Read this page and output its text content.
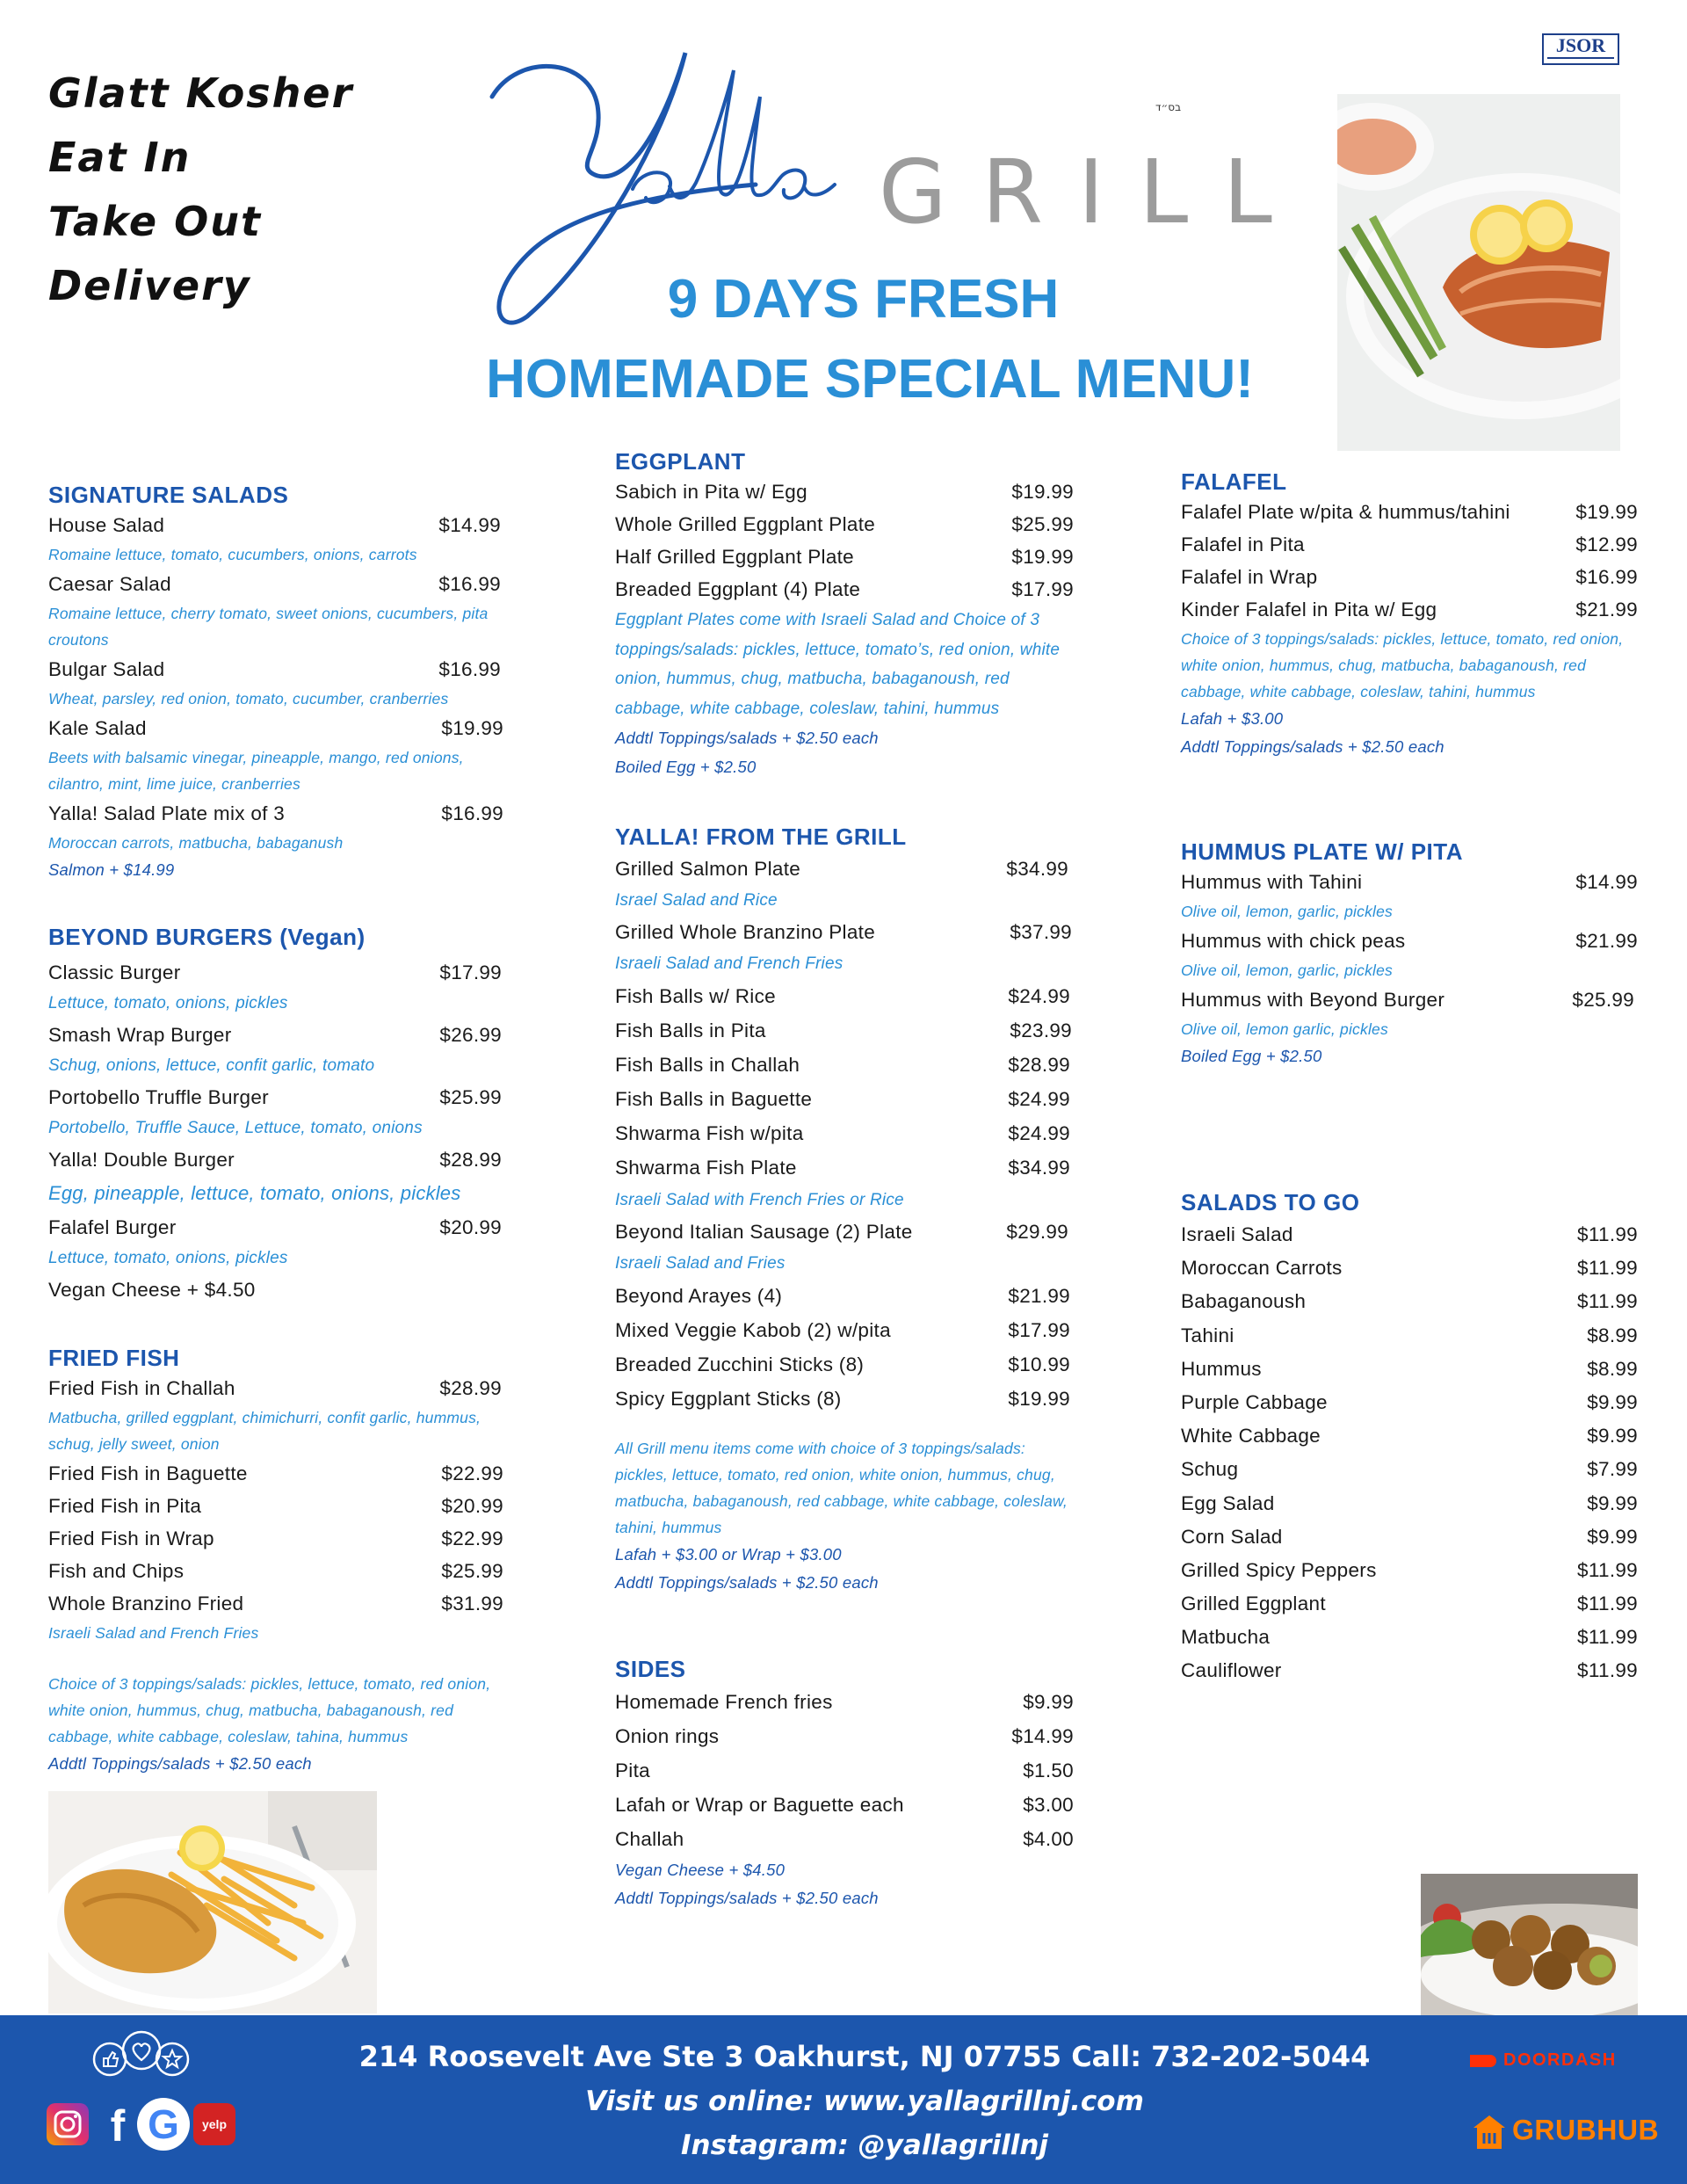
Glatt Kosher
Eat In
Take Out
Delivery
Yalla
GRILL
בס״ד
9 DAYS FRESH
HOMEMADE SPECIAL MENU!
JSOR
SIGNATURE SALADS
House Salad	$14.99
Romaine lettuce, tomato, cucumbers, onions, carrots
Caesar Salad	$16.99
Romaine lettuce, cherry tomato, sweet onions, cucumbers, pita croutons
Bulgar Salad	$16.99
Wheat, parsley, red onion, tomato, cucumber, cranberries
Kale Salad	$19.99
Beets with balsamic vinegar, pineapple, mango, red onions, cilantro, mint, lime juice, cranberries
Yalla! Salad Plate mix of 3	$16.99
Moroccan carrots, matbucha, babaganush
Salmon + $14.99
BEYOND BURGERS (Vegan)
Classic Burger	$17.99
Lettuce, tomato, onions, pickles
Smash Wrap Burger	$26.99
Schug, onions, lettuce, confit garlic, tomato
Portobello Truffle Burger	$25.99
Portobello, Truffle Sauce, Lettuce, tomato, onions
Yalla! Double Burger	$28.99
Egg, pineapple, lettuce, tomato, onions, pickles
Falafel Burger	$20.99
Lettuce, tomato, onions, pickles
Vegan Cheese + $4.50
FRIED FISH
Fried Fish in Challah	$28.99
Matbucha, grilled eggplant, chimichurri, confit garlic, hummus, schug, jelly sweet, onion
Fried Fish in Baguette	$22.99
Fried Fish in Pita	$20.99
Fried Fish in Wrap	$22.99
Fish and Chips	$25.99
Whole Branzino Fried	$31.99
Israeli Salad and French Fries
Choice of 3 toppings/salads: pickles, lettuce, tomato, red onion, white onion, hummus, chug, matbucha, babaganoush, red cabbage, white cabbage, coleslaw, tahina, hummus
Addtl Toppings/salads + $2.50 each
EGGPLANT
Sabich in Pita w/ Egg	$19.99
Whole Grilled Eggplant Plate	$25.99
Half Grilled Eggplant Plate	$19.99
Breaded Eggplant (4) Plate	$17.99
Eggplant Plates come with Israeli Salad and Choice of 3 toppings/salads: pickles, lettuce, tomato’s, red onion, white onion, hummus, chug, matbucha, babaganoush, red cabbage, white cabbage, coleslaw, tahini, hummus
Addtl Toppings/salads + $2.50 each
Boiled Egg + $2.50
YALLA! FROM THE GRILL
Grilled Salmon Plate	$34.99
Israel Salad and Rice
Grilled Whole Branzino Plate	$37.99
Israeli Salad and French Fries
Fish Balls w/ Rice	$24.99
Fish Balls in Pita	$23.99
Fish Balls in Challah	$28.99
Fish Balls in Baguette	$24.99
Shwarma Fish w/pita	$24.99
Shwarma Fish Plate	$34.99
Israeli Salad with French Fries or Rice
Beyond Italian Sausage (2) Plate	$29.99
Israeli Salad and Fries
Beyond Arayes (4)	$21.99
Mixed Veggie Kabob (2) w/pita	$17.99
Breaded Zucchini Sticks (8)	$10.99
Spicy Eggplant Sticks (8)	$19.99
All Grill menu items come with choice of 3 toppings/salads: pickles, lettuce, tomato, red onion, white onion, hummus, chug, matbucha, babaganoush, red cabbage, white cabbage, coleslaw, tahini, hummus
Lafah + $3.00 or Wrap + $3.00
Addtl Toppings/salads + $2.50 each
SIDES
Homemade French fries	$9.99
Onion rings	$14.99
Pita	$1.50
Lafah or Wrap or Baguette each	$3.00
Challah	$4.00
Vegan Cheese + $4.50
Addtl Toppings/salads + $2.50 each
FALAFEL
Falafel Plate w/pita & hummus/tahini	$19.99
Falafel in Pita	$12.99
Falafel in Wrap	$16.99
Kinder Falafel in Pita w/ Egg	$21.99
Choice of 3 toppings/salads: pickles, lettuce, tomato, red onion, white onion, hummus, chug, matbucha, babaganoush, red cabbage, white cabbage, coleslaw, tahini, hummus
Lafah + $3.00
Addtl Toppings/salads + $2.50 each
HUMMUS PLATE W/ PITA
Hummus with Tahini	$14.99
Olive oil, lemon, garlic, pickles
Hummus with chick peas	$21.99
Olive oil, lemon, garlic, pickles
Hummus with Beyond Burger	$25.99
Olive oil, lemon garlic, pickles
Boiled Egg + $2.50
SALADS TO GO
Israeli Salad	$11.99
Moroccan Carrots	$11.99
Babaganoush	$11.99
Tahini	$8.99
Hummus	$8.99
Purple Cabbage	$9.99
White Cabbage	$9.99
Schug	$7.99
Egg Salad	$9.99
Corn Salad	$9.99
Grilled Spicy Peppers	$11.99
Grilled Eggplant	$11.99
Matbucha	$11.99
Cauliflower	$11.99
f G	yelp
214 Roosevelt Ave Ste 3 Oakhurst, NJ 07755 Call: 732-202-5044
Visit us online: www.yallagrillnj.com
Instagram: @yallagrillnj
DOORDASH
GRUBHUB
